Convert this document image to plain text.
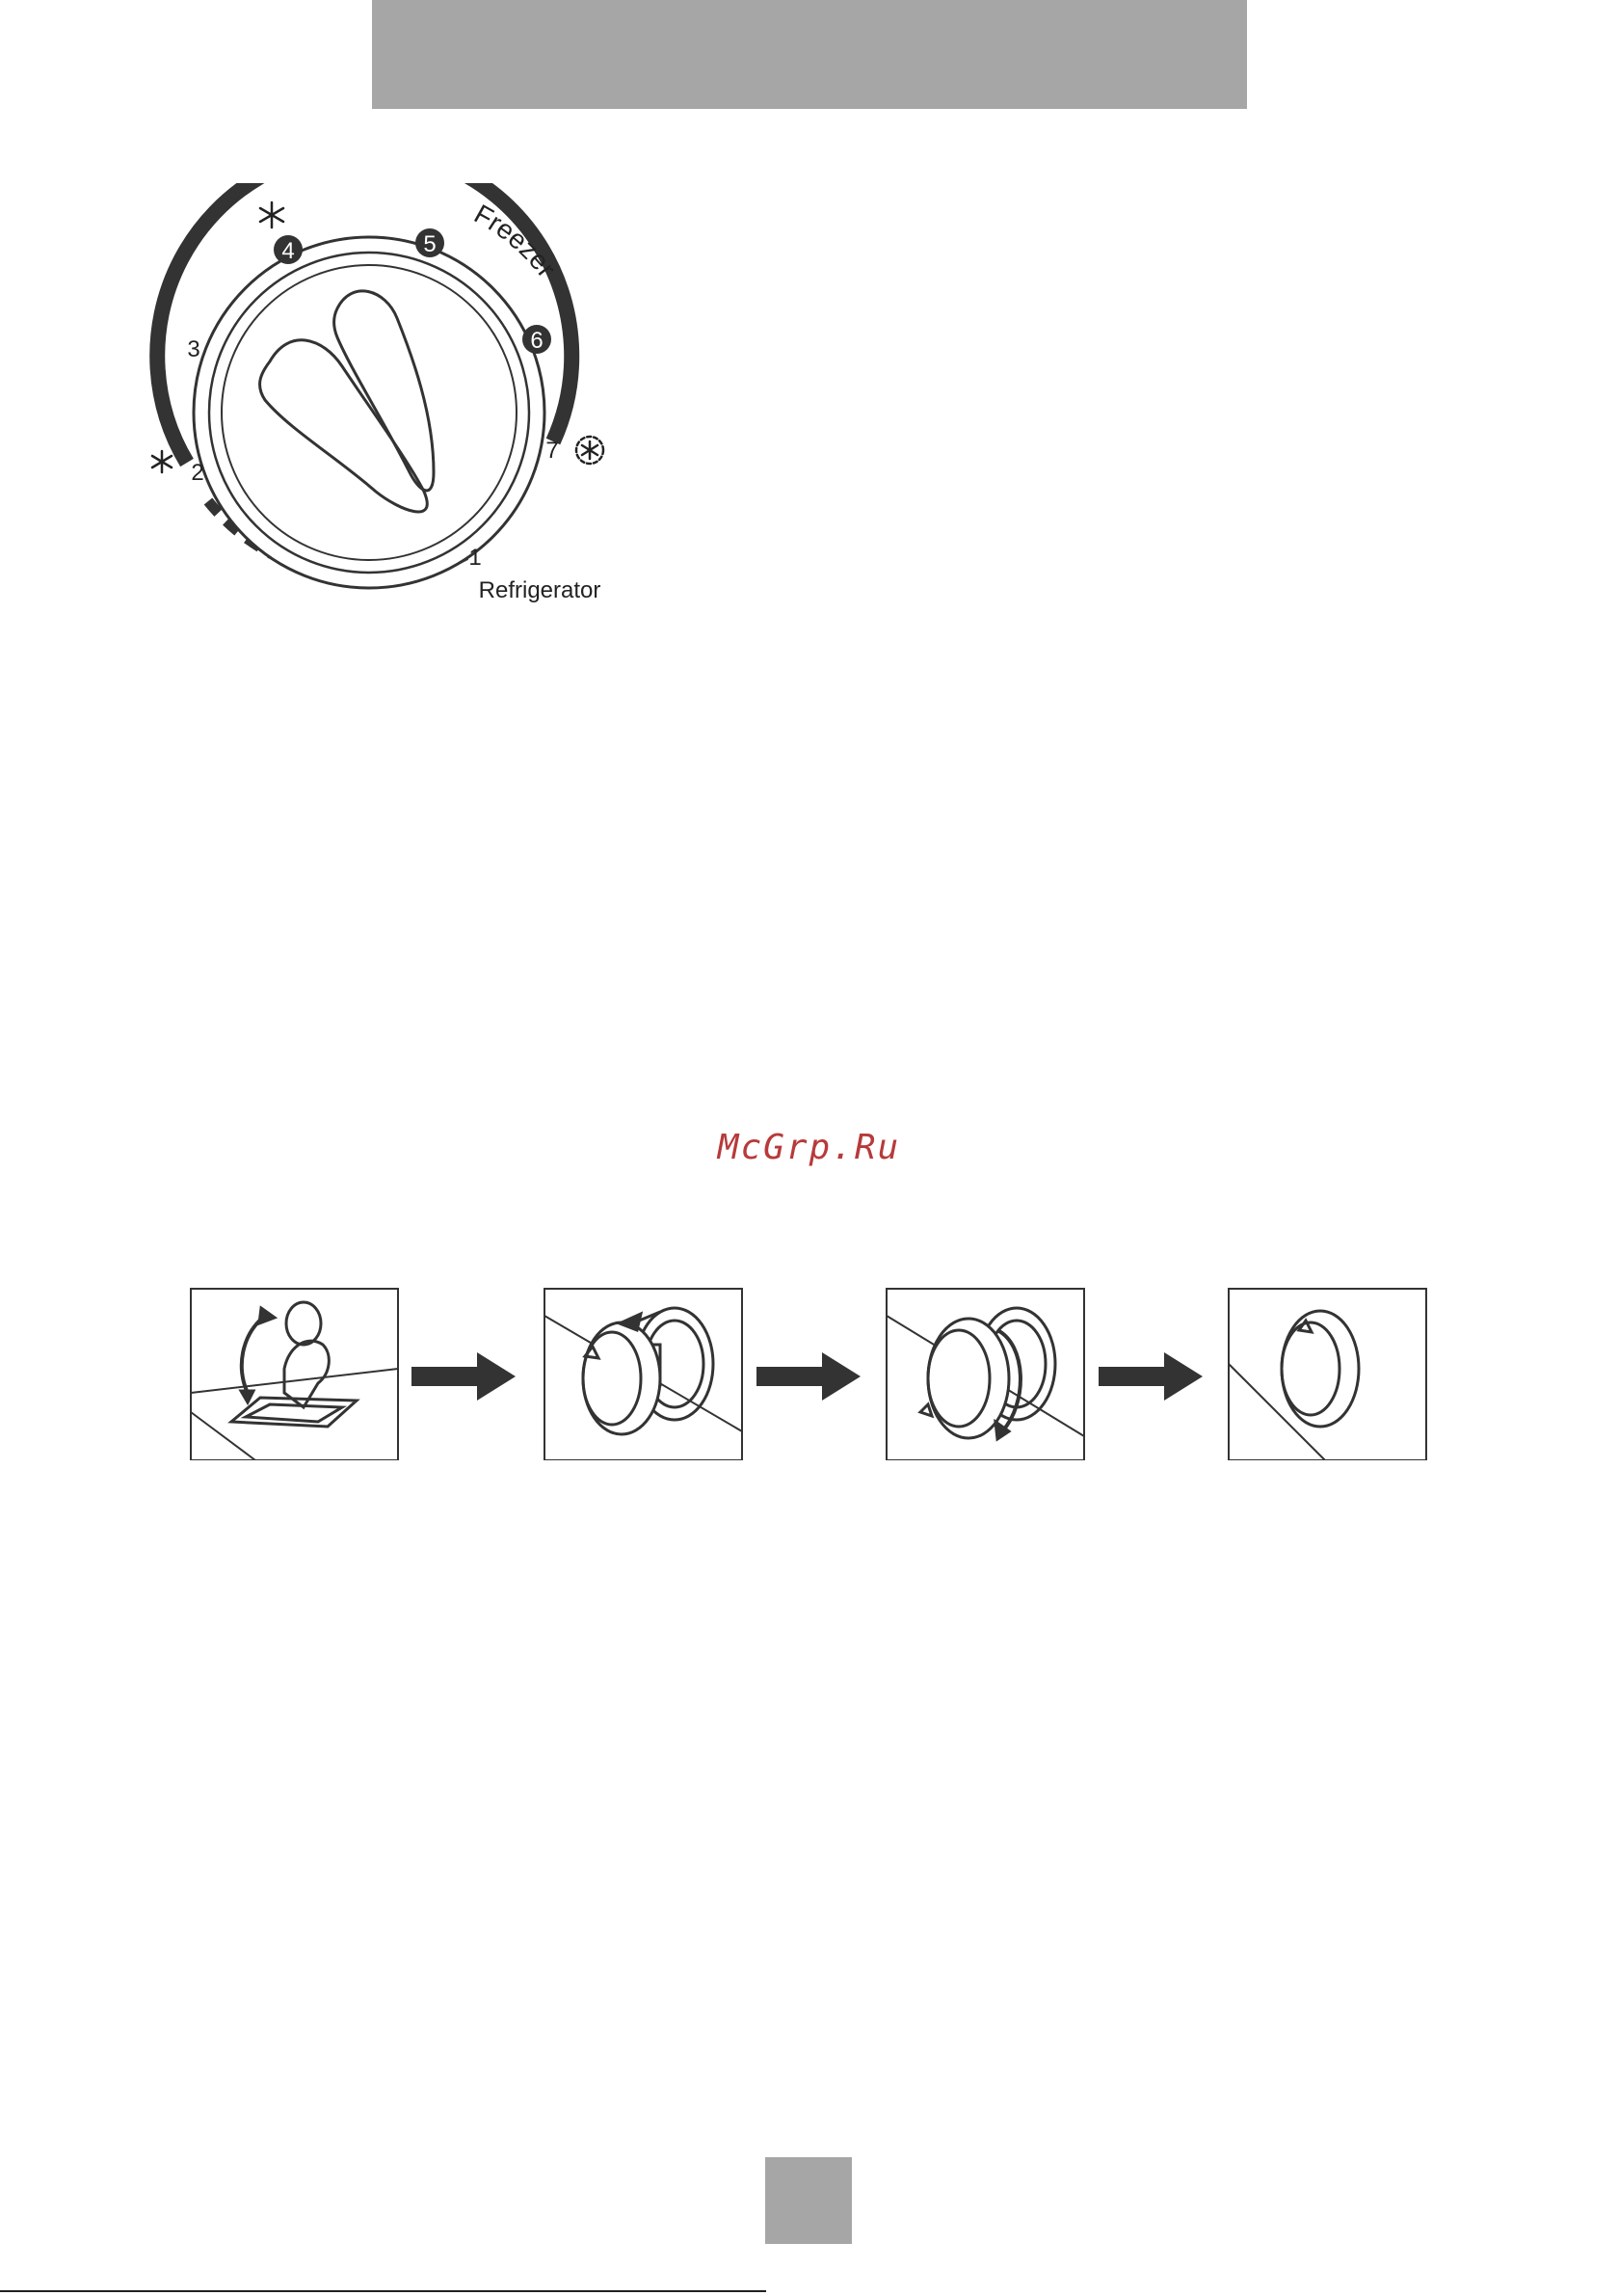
2
3
4	5
6
7
1
Freezer
Refrigerator
McGrp.Ru
